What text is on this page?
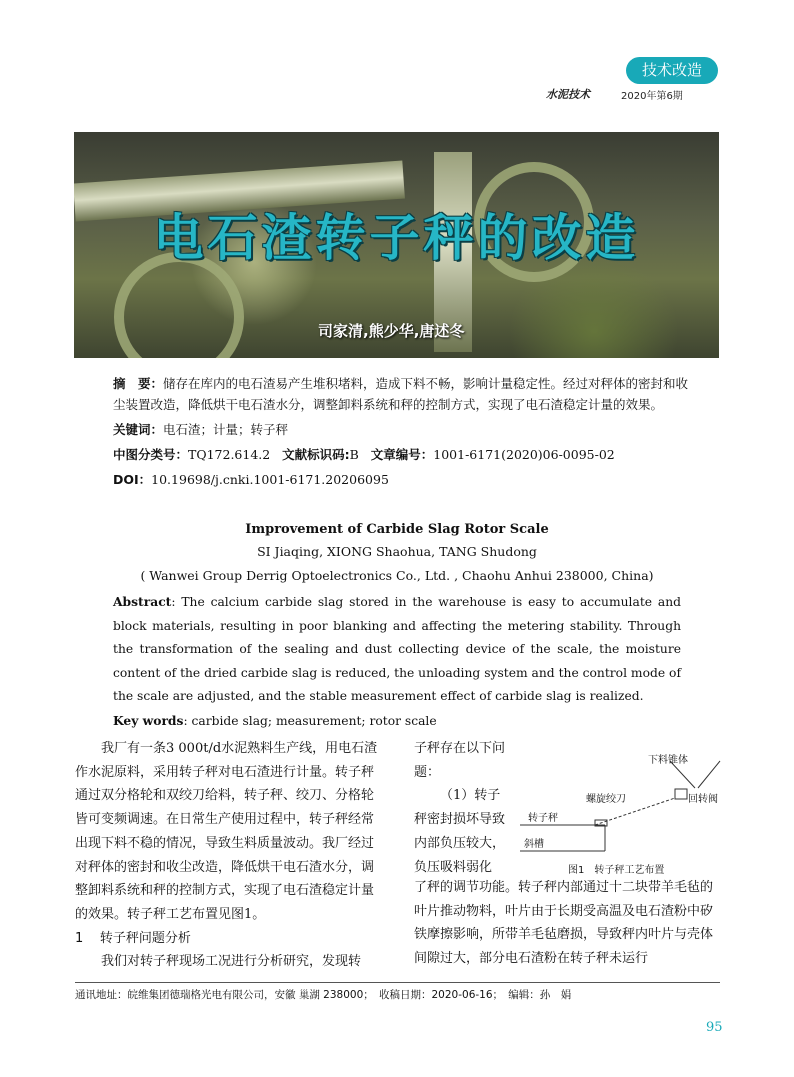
技术改造
水泥技术	2020年第6期
电石渣转子秤的改造
司家清,熊少华,唐述冬
摘　要：储存在库内的电石渣易产生堆积堵料，造成下料不畅，影响计量稳定性。经过对秤体的密封和收尘装置改造，降低烘干电石渣水分，调整卸料系统和秤的控制方式，实现了电石渣稳定计量的效果。
关键词：电石渣；计量；转子秤
中图分类号：TQ172.614.2 文献标识码:B 文章编号：1001-6171(2020)06-0095-02
DOI：10.19698/j.cnki.1001-6171.20206095
Improvement of Carbide Slag Rotor Scale
SI Jiaqing, XIONG Shaohua, TANG Shudong
( Wanwei Group Derrig Optoelectronics Co., Ltd. , Chaohu Anhui 238000, China)
Abstract: The calcium carbide slag stored in the warehouse is easy to accumulate and block materials, resulting in poor blanking and affecting the metering stability. Through the transformation of the sealing and dust collecting device of the scale, the moisture content of the dried carbide slag is reduced, the unloading system and the control mode of the scale are adjusted, and the stable measurement effect of carbide slag is realized.
Key words: carbide slag; measurement; rotor scale
我厂有一条3 000t/d水泥熟料生产线，用电石渣作水泥原料，采用转子秤对电石渣进行计量。转子秤通过双分格轮和双绞刀给料，转子秤、绞刀、分格轮皆可变频调速。在日常生产使用过程中，转子秤经常出现下料不稳的情况，导致生料质量波动。我厂经过对秤体的密封和收尘改造，降低烘干电石渣水分，调整卸料系统和秤的控制方式，实现了电石渣稳定计量的效果。转子秤工艺布置见图1。
1 转子秤问题分析
我们对转子秤现场工况进行分析研究，发现转
子秤存在以下问题：
（1）转子秤密封损坏导致内部负压较大，负压吸料弱化
了秤的调节功能。转子秤内部通过十二块带羊毛毡的叶片推动物料，叶片由于长期受高温及电石渣粉中矽铁摩擦影响，所带羊毛毡磨损，导致秤内叶片与壳体间隙过大，部分电石渣粉在转子秤未运行
下料锥体
螺旋绞刀	回转阀
转子秤
斜槽
图1　转子秤工艺布置
通讯地址：皖维集团德瑞格光电有限公司，安徽 巢湖 238000；　收稿日期：2020-06-16；　编辑：孙　娟
95
